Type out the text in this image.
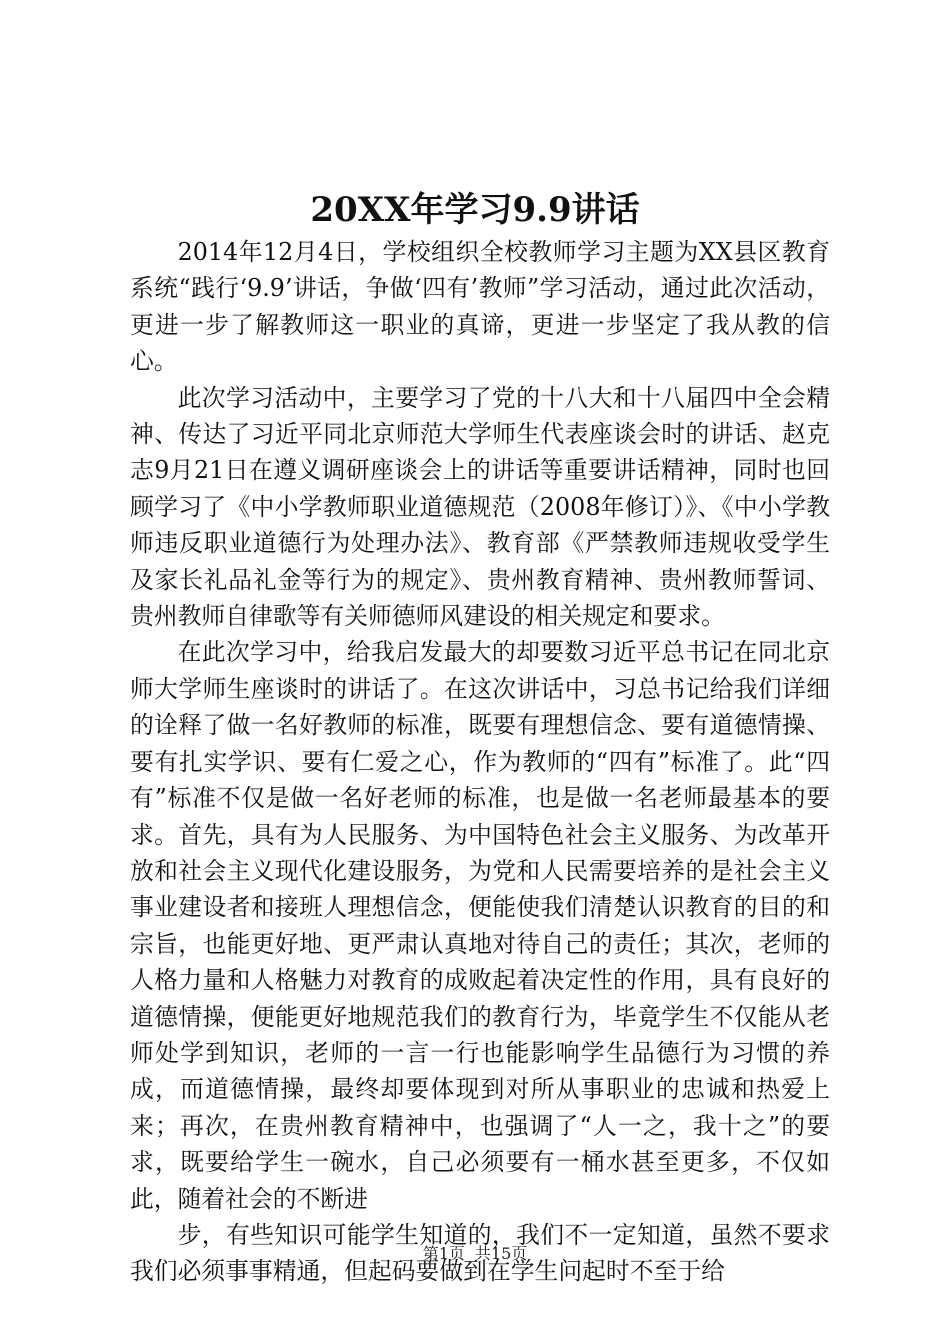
20XX年学习9.9讲话

2014年12月4日，学校组织全校教师学习主题为XX县区教育系统“践行‘9.9’讲话，争做‘四有’教师”学习活动，通过此次活动，更进一步了解教师这一职业的真谛，更进一步坚定了我从教的信心。

此次学习活动中，主要学习了党的十八大和十八届四中全会精神、传达了习近平同北京师范大学师生代表座谈会时的讲话、赵克志9月21日在遵义调研座谈会上的讲话等重要讲话精神，同时也回顾学习了《中小学教师职业道德规范（2008年修订）》、《中小学教师违反职业道德行为处理办法》、教育部《严禁教师违规收受学生及家长礼品礼金等行为的规定》、贵州教育精神、贵州教师誓词、贵州教师自律歌等有关师德师风建设的相关规定和要求。

在此次学习中，给我启发最大的却要数习近平总书记在同北京师大学师生座谈时的讲话了。在这次讲话中，习总书记给我们详细的诠释了做一名好教师的标准，既要有理想信念、要有道德情操、要有扎实学识、要有仁爱之心，作为教师的“四有”标准了。此“四有”标准不仅是做一名好老师的标准，也是做一名老师最基本的要求。首先，具有为人民服务、为中国特色社会主义服务、为改革开放和社会主义现代化建设服务，为党和人民需要培养的是社会主义事业建设者和接班人理想信念，便能使我们清楚认识教育的目的和宗旨，也能更好地、更严肃认真地对待自己的责任；其次，老师的人格力量和人格魅力对教育的成败起着决定性的作用，具有良好的道德情操，便能更好地规范我们的教育行为，毕竟学生不仅能从老师处学到知识，老师的一言一行也能影响学生品德行为习惯的养成，而道德情操，最终却要体现到对所从事职业的忠诚和热爱上来；再次，在贵州教育精神中，也强调了“人一之，我十之”的要求，既要给学生一碗水，自己必须要有一桶水甚至更多，不仅如此，随着社会的不断进

步，有些知识可能学生知道的，我们不一定知道，虽然不要求我们必须事事精通，但起码要做到在学生问起时不至于给

第1页 共15页
